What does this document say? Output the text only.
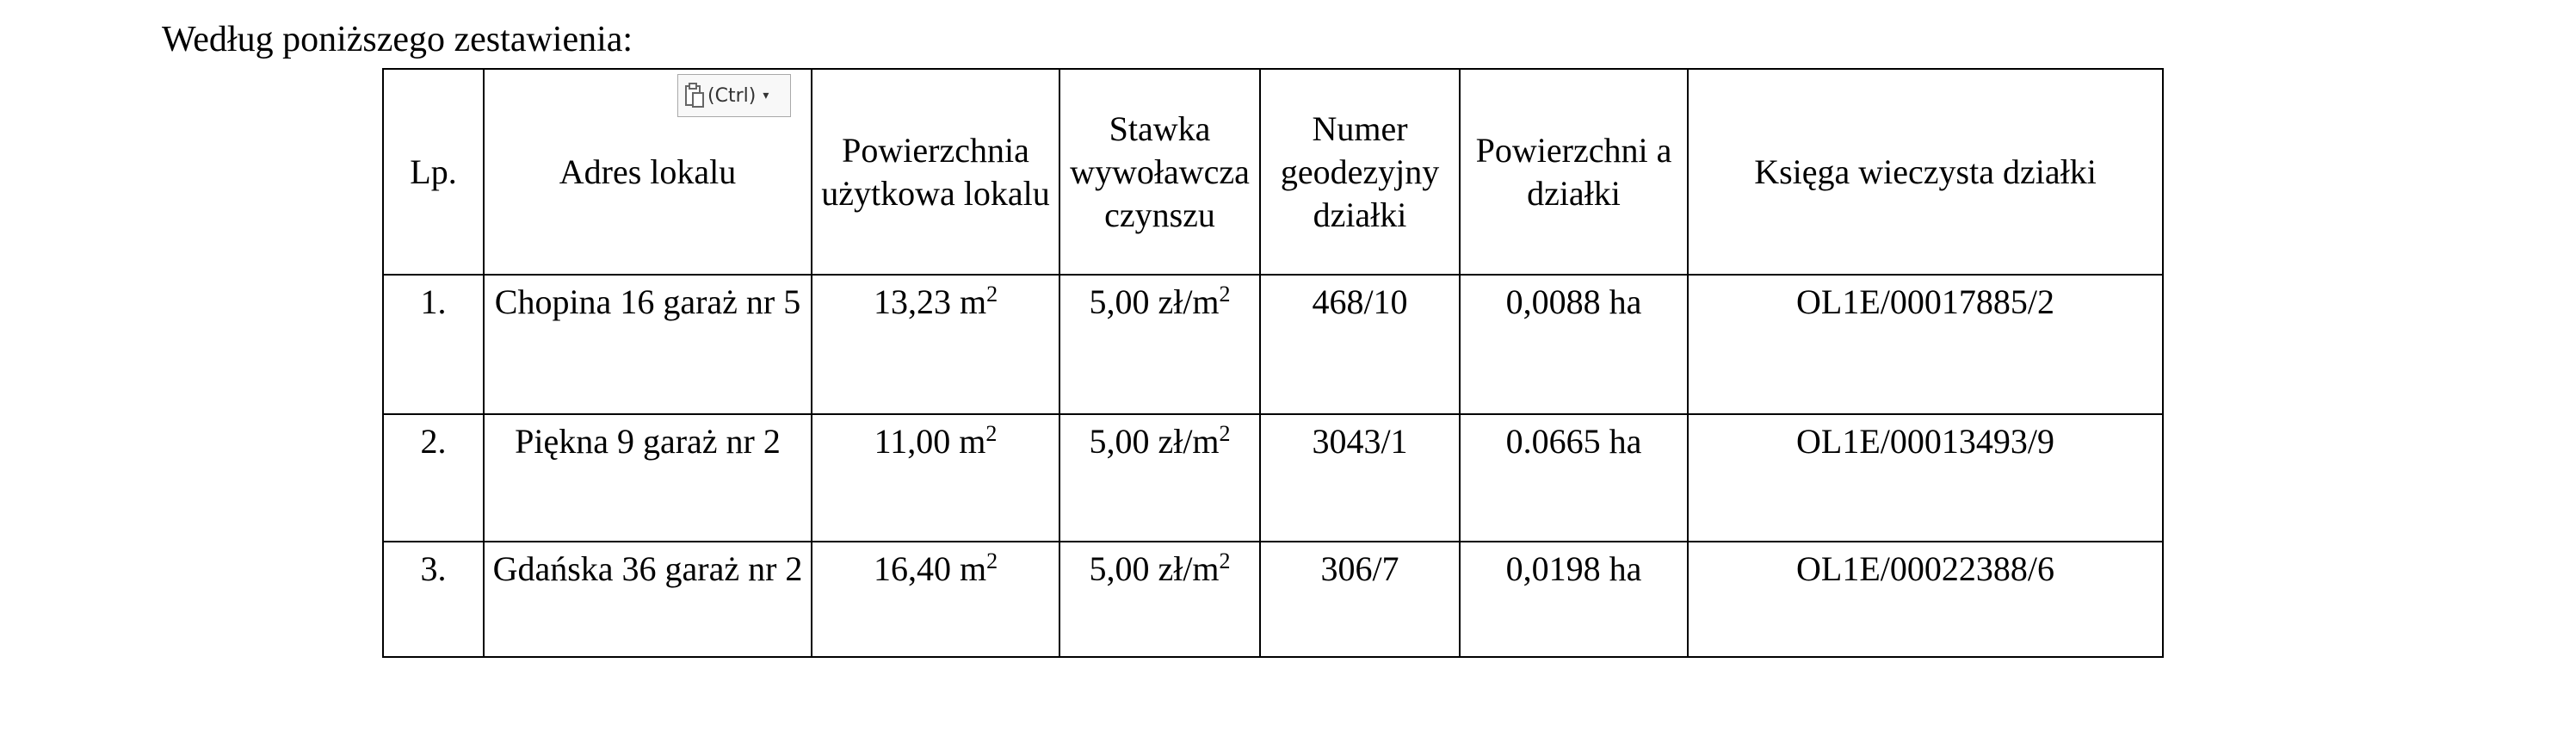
Według poniższego zestawienia:
Lp.	Adres lokalu	Powierzchnia użytkowa lokalu	Stawka wywoławcza czynszu	Numer geodezyjny działki	Powierzchni a działki	Księga wieczysta działki
1.	Chopina 16 garaż nr 5	13,23 $m^2$	5,00 $zł/m^2$	468/10	0,0088 ha	OL1E/00017885/2
2.	Piękna 9 garaż nr 2	11,00 $m^2$	5,00 $zł/m^2$	3043/1	0.0665 ha	OL1E/00013493/9
3.	Gdańska 36 garaż nr 2	16,40 $m^2$	5,00 $zł/m^2$	306/7	0,0198 ha	OL1E/00022388/6
(Ctrl) ▾
